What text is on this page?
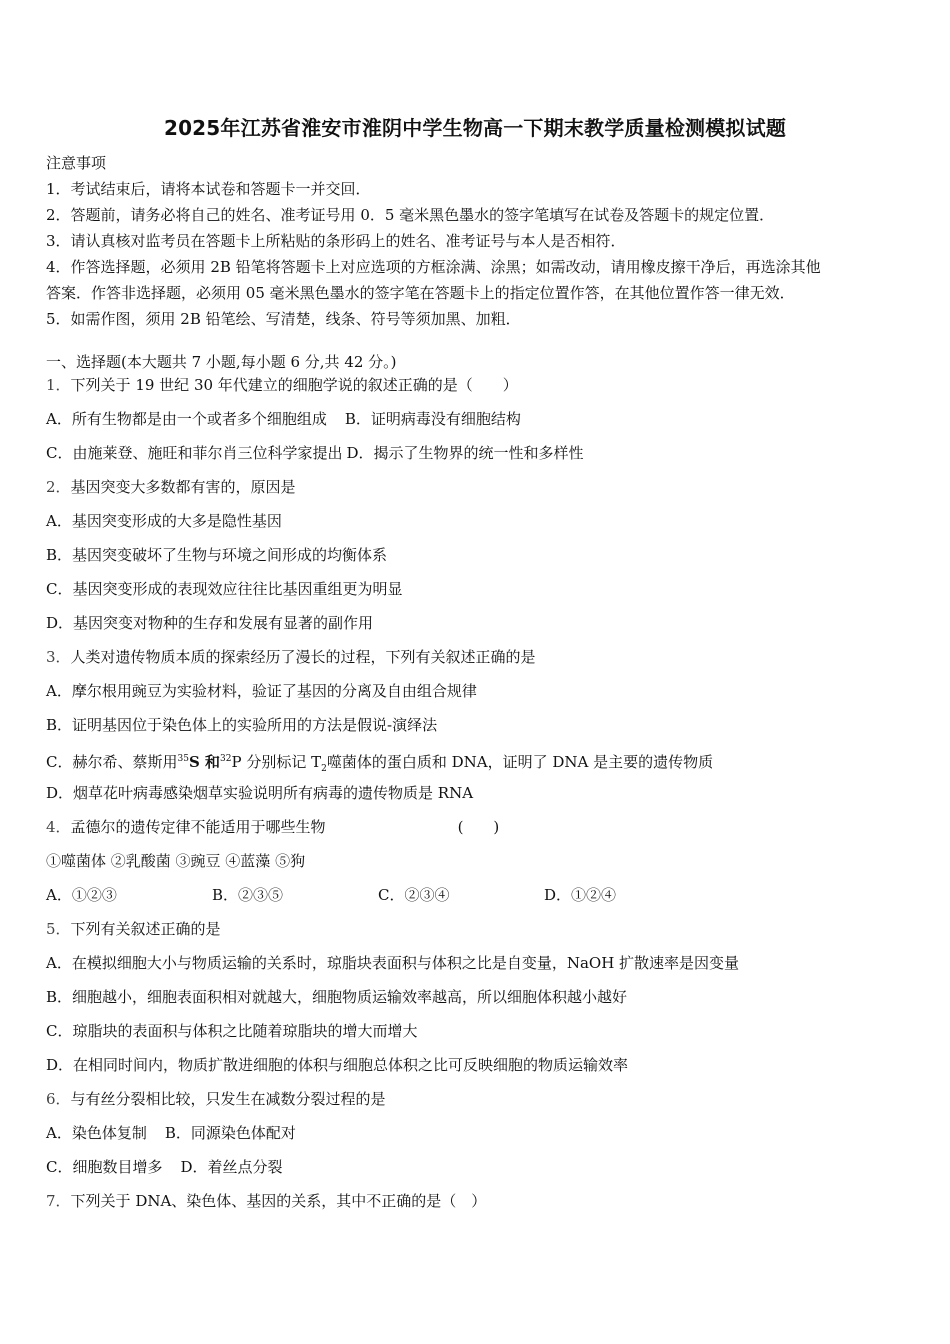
2025年江苏省淮安市淮阴中学生物高一下期末教学质量检测模拟试题
注意事项
1．考试结束后，请将本试卷和答题卡一并交回．
2．答题前，请务必将自己的姓名、准考证号用 0．5 毫米黑色墨水的签字笔填写在试卷及答题卡的规定位置．
3．请认真核对监考员在答题卡上所粘贴的条形码上的姓名、准考证号与本人是否相符．
4．作答选择题，必须用 2B 铅笔将答题卡上对应选项的方框涂满、涂黑；如需改动，请用橡皮擦干净后，再选涂其他
答案．作答非选择题，必须用 05 毫米黑色墨水的签字笔在答题卡上的指定位置作答，在其他位置作答一律无效．
5．如需作图，须用 2B 铅笔绘、写清楚，线条、符号等须加黑、加粗．
一、选择题(本大题共 7 小题,每小题 6 分,共 42 分。)
1．下列关于 19 世纪 30 年代建立的细胞学说的叙述正确的是（　　）
A．所有生物都是由一个或者多个细胞组成 B．证明病毒没有细胞结构
C．由施莱登、施旺和菲尔肖三位科学家提出 D．揭示了生物界的统一性和多样性
2．基因突变大多数都有害的，原因是
A．基因突变形成的大多是隐性基因
B．基因突变破坏了生物与环境之间形成的均衡体系
C．基因突变形成的表现效应往往比基因重组更为明显
D．基因突变对物种的生存和发展有显著的副作用
3．人类对遗传物质本质的探索经历了漫长的过程，下列有关叙述正确的是
A．摩尔根用豌豆为实验材料，验证了基因的分离及自由组合规律
B．证明基因位于染色体上的实验所用的方法是假说-演绎法
C．赫尔希、蔡斯用$^{35}$S 和$^{32}$P 分别标记 $T_2$噬菌体的蛋白质和 DNA，证明了 DNA 是主要的遗传物质
D．烟草花叶病毒感染烟草实验说明所有病毒的遗传物质是 RNA
4．孟德尔的遗传定律不能适用于哪些生物	(　　)
①噬菌体 ②乳酸菌 ③豌豆 ④蓝藻 ⑤狗
A．①②③	B．②③⑤	C．②③④	D．①②④
5．下列有关叙述正确的是
A．在模拟细胞大小与物质运输的关系时，琼脂块表面积与体积之比是自变量，NaOH 扩散速率是因变量
B．细胞越小，细胞表面积相对就越大，细胞物质运输效率越高，所以细胞体积越小越好
C．琼脂块的表面积与体积之比随着琼脂块的增大而增大
D．在相同时间内，物质扩散进细胞的体积与细胞总体积之比可反映细胞的物质运输效率
6．与有丝分裂相比较，只发生在减数分裂过程的是
A．染色体复制 B．同源染色体配对
C．细胞数目增多 D．着丝点分裂
7．下列关于 DNA、染色体、基因的关系，其中不正确的是（　）
